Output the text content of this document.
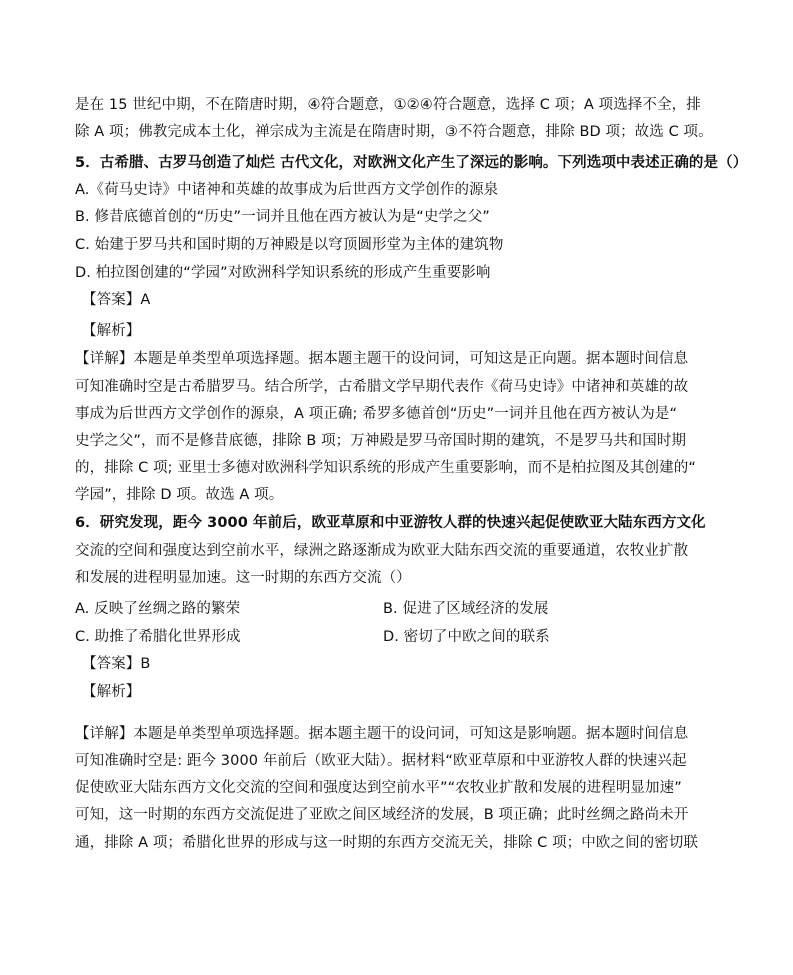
是在 15 世纪中期，不在隋唐时期，④符合题意，①②④符合题意，选择 C 项；A 项选择不全，排
除 A 项；佛教完成本土化，禅宗成为主流是在隋唐时期，③不符合题意，排除 BD 项；故选 C 项。
5．古希腊、古罗马创造了灿烂 古代文化，对欧洲文化产生了深远的影响。下列选项中表述正确的是（）
A.《荷马史诗》中诸神和英雄的故事成为后世西方文学创作的源泉
B. 修昔底德首创的“历史”一词并且他在西方被认为是“史学之父”
C. 始建于罗马共和国时期的万神殿是以穹顶圆形堂为主体的建筑物
D. 柏拉图创建的“学园”对欧洲科学知识系统的形成产生重要影响
【答案】A
【解析】
【详解】本题是单类型单项选择题。据本题主题干的设问词，可知这是正向题。据本题时间信息
可知准确时空是古希腊罗马。结合所学，古希腊文学早期代表作《荷马史诗》中诸神和英雄的故
事成为后世西方文学创作的源泉，A 项正确; 希罗多德首创“历史”一词并且他在西方被认为是“
史学之父”，而不是修昔底德，排除 B 项；万神殿是罗马帝国时期的建筑，不是罗马共和国时期
的，排除 C 项; 亚里士多德对欧洲科学知识系统的形成产生重要影响，而不是柏拉图及其创建的“
学园”，排除 D 项。故选 A 项。
6．研究发现，距今 3000 年前后，欧亚草原和中亚游牧人群的快速兴起促使欧亚大陆东西方文化
交流的空间和强度达到空前水平，绿洲之路逐渐成为欧亚大陆东西交流的重要通道，农牧业扩散
和发展的进程明显加速。这一时期的东西方交流（）
A. 反映了丝绸之路的繁荣	B. 促进了区域经济的发展
C. 助推了希腊化世界形成	D. 密切了中欧之间的联系
【答案】B
【解析】
【详解】本题是单类型单项选择题。据本题主题干的设问词，可知这是影响题。据本题时间信息
可知准确时空是: 距今 3000 年前后（欧亚大陆）。据材料“欧亚草原和中亚游牧人群的快速兴起
促使欧亚大陆东西方文化交流的空间和强度达到空前水平”“农牧业扩散和发展的进程明显加速”
可知，这一时期的东西方交流促进了亚欧之间区域经济的发展，B 项正确；此时丝绸之路尚未开
通，排除 A 项；希腊化世界的形成与这一时期的东西方交流无关，排除 C 项；中欧之间的密切联
